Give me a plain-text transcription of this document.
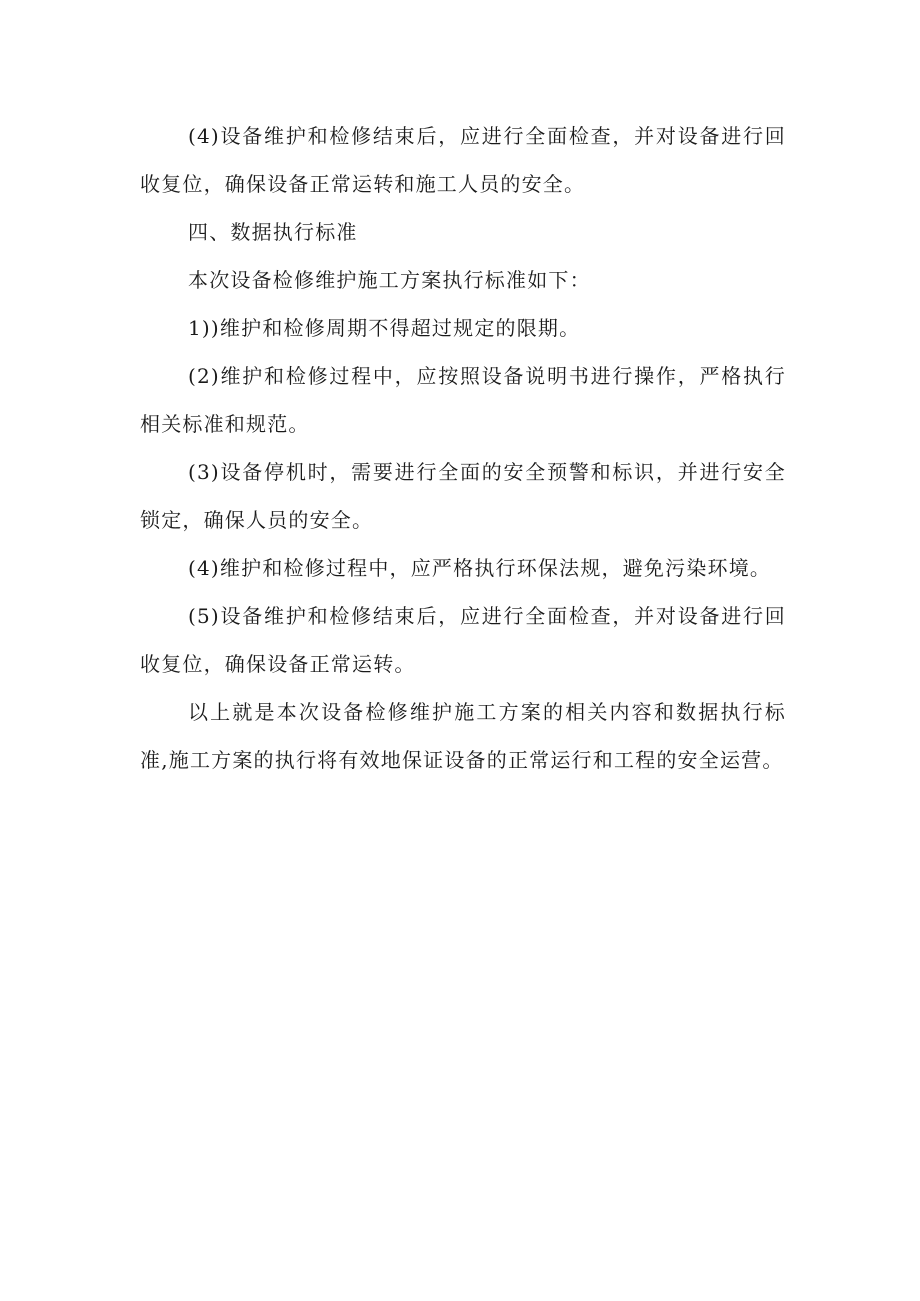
(4)设备维护和检修结束后，应进行全面检查，并对设备进行回收复位，确保设备正常运转和施工人员的安全。

四、数据执行标准

本次设备检修维护施工方案执行标准如下：

1))维护和检修周期不得超过规定的限期。

(2)维护和检修过程中，应按照设备说明书进行操作，严格执行相关标准和规范。

(3)设备停机时，需要进行全面的安全预警和标识，并进行安全锁定，确保人员的安全。

(4)维护和检修过程中，应严格执行环保法规，避免污染环境。

(5)设备维护和检修结束后，应进行全面检查，并对设备进行回收复位，确保设备正常运转。

以上就是本次设备检修维护施工方案的相关内容和数据执行标准,施工方案的执行将有效地保证设备的正常运行和工程的安全运营。
